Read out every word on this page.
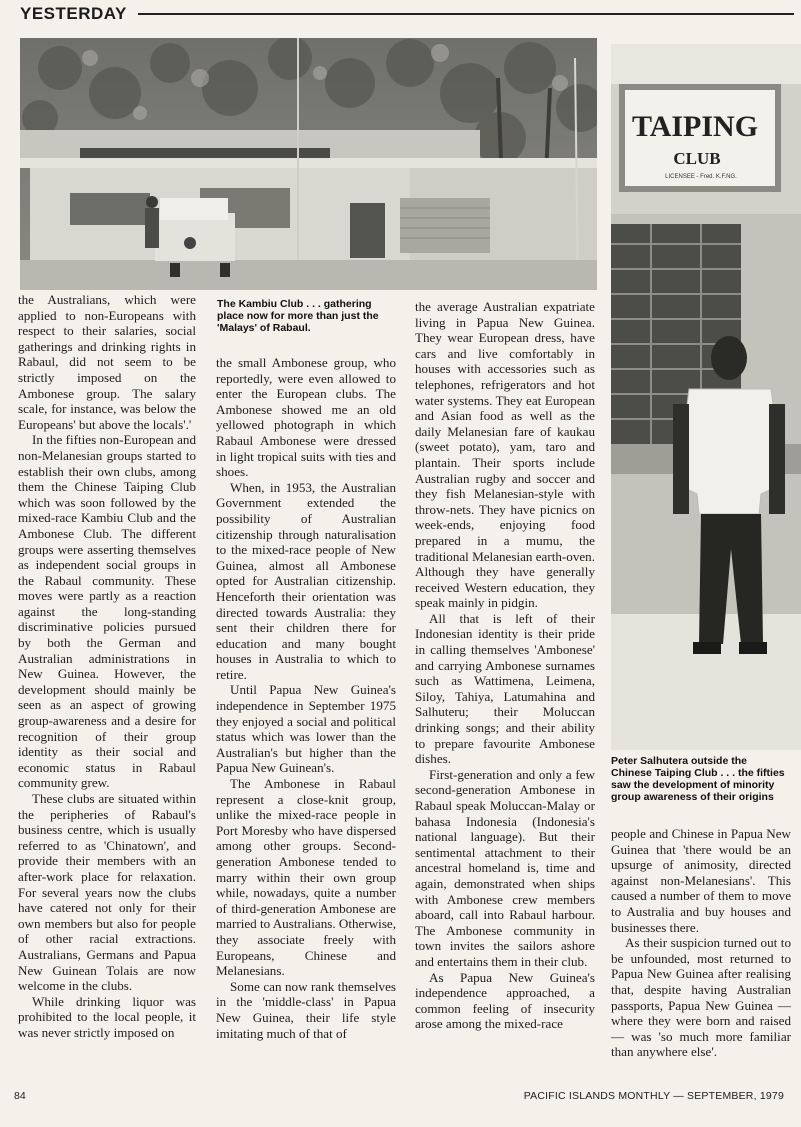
YESTERDAY
TAIPING
CLUB
LICENSEE - Fred. K.F.NG.
The Kambiu Club . . . gathering place now for more than just the 'Malays' of Rabaul.
Peter Salhutera outside the Chinese Taiping Club . . . the fifties saw the development of minority group awareness of their origins

the Australians, which were applied to non-Europeans with respect to their salaries, social gatherings and drinking rights in Rabaul, did not seem to be strictly imposed on the Ambonese group. The salary scale, for instance, was below the Europeans' but above the locals'.'

In the fifties non-European and non-Melanesian groups started to establish their own clubs, among them the Chinese Taiping Club which was soon followed by the mixed-race Kambiu Club and the Ambonese Club. The different groups were asserting themselves as independent social groups in the Rabaul community. These moves were partly as a reaction against the long-standing discriminative policies pursued by both the German and Australian administrations in New Guinea. However, the development should mainly be seen as an aspect of growing group-awareness and a desire for recognition of their group identity as their social and economic status in Rabaul community grew.

These clubs are situated within the peripheries of Rabaul's business centre, which is usually referred to as 'Chinatown', and provide their members with an after-work place for relaxation. For several years now the clubs have catered not only for their own members but also for people of other racial extractions. Australians, Germans and Papua New Guinean Tolais are now welcome in the clubs.

While drinking liquor was prohibited to the local people, it was never strictly imposed on

the small Ambonese group, who reportedly, were even allowed to enter the European clubs. The Ambonese showed me an old yellowed photograph in which Rabaul Ambonese were dressed in light tropical suits with ties and shoes.

When, in 1953, the Australian Government extended the possibility of Australian citizenship through naturalisation to the mixed-race people of New Guinea, almost all Ambonese opted for Australian citizenship. Henceforth their orientation was directed towards Australia: they sent their children there for education and many bought houses in Australia to which to retire.

Until Papua New Guinea's independence in September 1975 they enjoyed a social and political status which was lower than the Australian's but higher than the Papua New Guinean's.

The Ambonese in Rabaul represent a close-knit group, unlike the mixed-race people in Port Moresby who have dispersed among other groups. Second-generation Ambonese tended to marry within their own group while, nowadays, quite a number of third-generation Ambonese are married to Australians. Otherwise, they associate freely with Europeans, Chinese and Melanesians.

Some can now rank themselves in the 'middle-class' in Papua New Guinea, their life style imitating much of that of

the average Australian expatriate living in Papua New Guinea. They wear European dress, have cars and live comfortably in houses with accessories such as telephones, refrigerators and hot water systems. They eat European and Asian food as well as the daily Melanesian fare of kaukau (sweet potato), yam, taro and plantain. Their sports include Australian rugby and soccer and they fish Melanesian-style with throw-nets. They have picnics on week-ends, enjoying food prepared in a mumu, the traditional Melanesian earth-oven. Although they have generally received Western education, they speak mainly in pidgin.

All that is left of their Indonesian identity is their pride in calling themselves 'Ambonese' and carrying Ambonese surnames such as Wattimena, Leimena, Siloy, Tahiya, Latumahina and Salhuteru; their Moluccan drinking songs; and their ability to prepare favourite Ambonese dishes.

First-generation and only a few second-generation Ambonese in Rabaul speak Moluccan-Malay or bahasa Indonesia (Indonesia's national language). But their sentimental attachment to their ancestral homeland is, time and again, demonstrated when ships with Ambonese crew members aboard, call into Rabaul harbour. The Ambonese community in town invites the sailors ashore and entertains them in their club.

As Papua New Guinea's independence approached, a common feeling of insecurity arose among the mixed-race

people and Chinese in Papua New Guinea that 'there would be an upsurge of animosity, directed against non-Melanesians'. This caused a number of them to move to Australia and buy houses and businesses there.

As their suspicion turned out to be unfounded, most returned to Papua New Guinea after realising that, despite having Australian passports, Papua New Guinea — where they were born and raised — was 'so much more familiar than anywhere else'.

84	PACIFIC ISLANDS MONTHLY — SEPTEMBER, 1979
